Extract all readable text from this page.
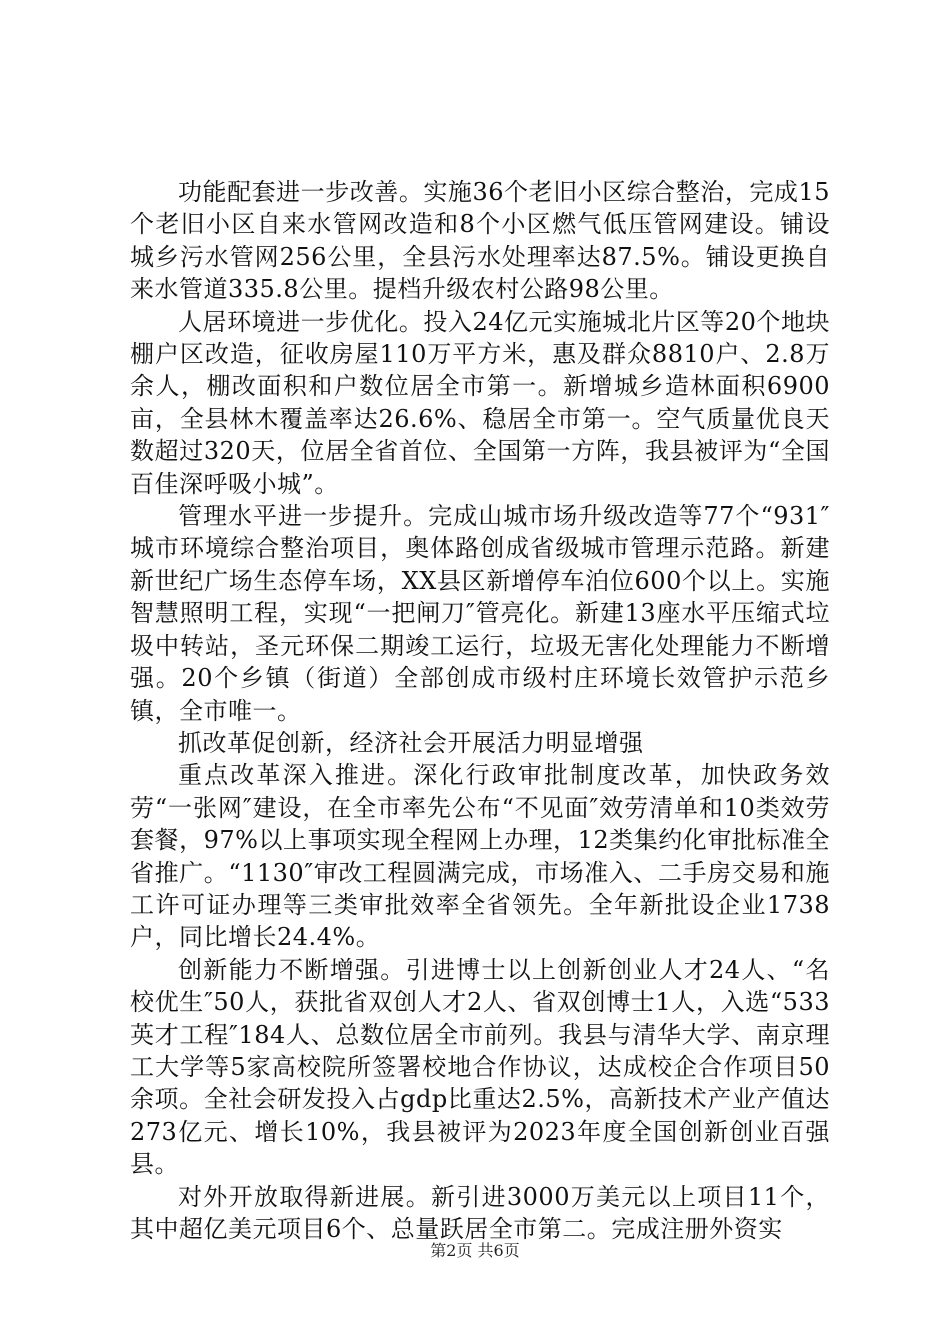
功能配套进一步改善。实施36个老旧小区综合整治，完成15个老旧小区自来水管网改造和8个小区燃气低压管网建设。铺设城乡污水管网256公里，全县污水处理率达87.5%。铺设更换自来水管道335.8公里。提档升级农村公路98公里。

人居环境进一步优化。投入24亿元实施城北片区等20个地块棚户区改造，征收房屋110万平方米，惠及群众8810户、2.8万余人，棚改面积和户数位居全市第一。新增城乡造林面积6900亩，全县林木覆盖率达26.6%、稳居全市第一。空气质量优良天数超过320天，位居全省首位、全国第一方阵，我县被评为“全国百佳深呼吸小城”。

管理水平进一步提升。完成山城市场升级改造等77个“931″城市环境综合整治项目，奥体路创成省级城市管理示范路。新建新世纪广场生态停车场，XX县区新增停车泊位600个以上。实施智慧照明工程，实现“一把闸刀″管亮化。新建13座水平压缩式垃圾中转站，圣元环保二期竣工运行，垃圾无害化处理能力不断增强。20个乡镇（街道）全部创成市级村庄环境长效管护示范乡镇，全市唯一。

抓改革促创新，经济社会开展活力明显增强

重点改革深入推进。深化行政审批制度改革，加快政务效劳“一张网″建设，在全市率先公布“不见面″效劳清单和10类效劳套餐，97%以上事项实现全程网上办理，12类集约化审批标准全省推广。“1130″审改工程圆满完成，市场准入、二手房交易和施工许可证办理等三类审批效率全省领先。全年新批设企业1738户，同比增长24.4%。

创新能力不断增强。引进博士以上创新创业人才24人、“名校优生″50人，获批省双创人才2人、省双创博士1人，入选“533英才工程″184人、总数位居全市前列。我县与清华大学、南京理工大学等5家高校院所签署校地合作协议，达成校企合作项目50余项。全社会研发投入占gdp比重达2.5%，高新技术产业产值达273亿元、增长10%，我县被评为2023年度全国创新创业百强县。

对外开放取得新进展。新引进3000万美元以上项目11个，其中超亿美元项目6个、总量跃居全市第二。完成注册外资实

第2页 共6页
